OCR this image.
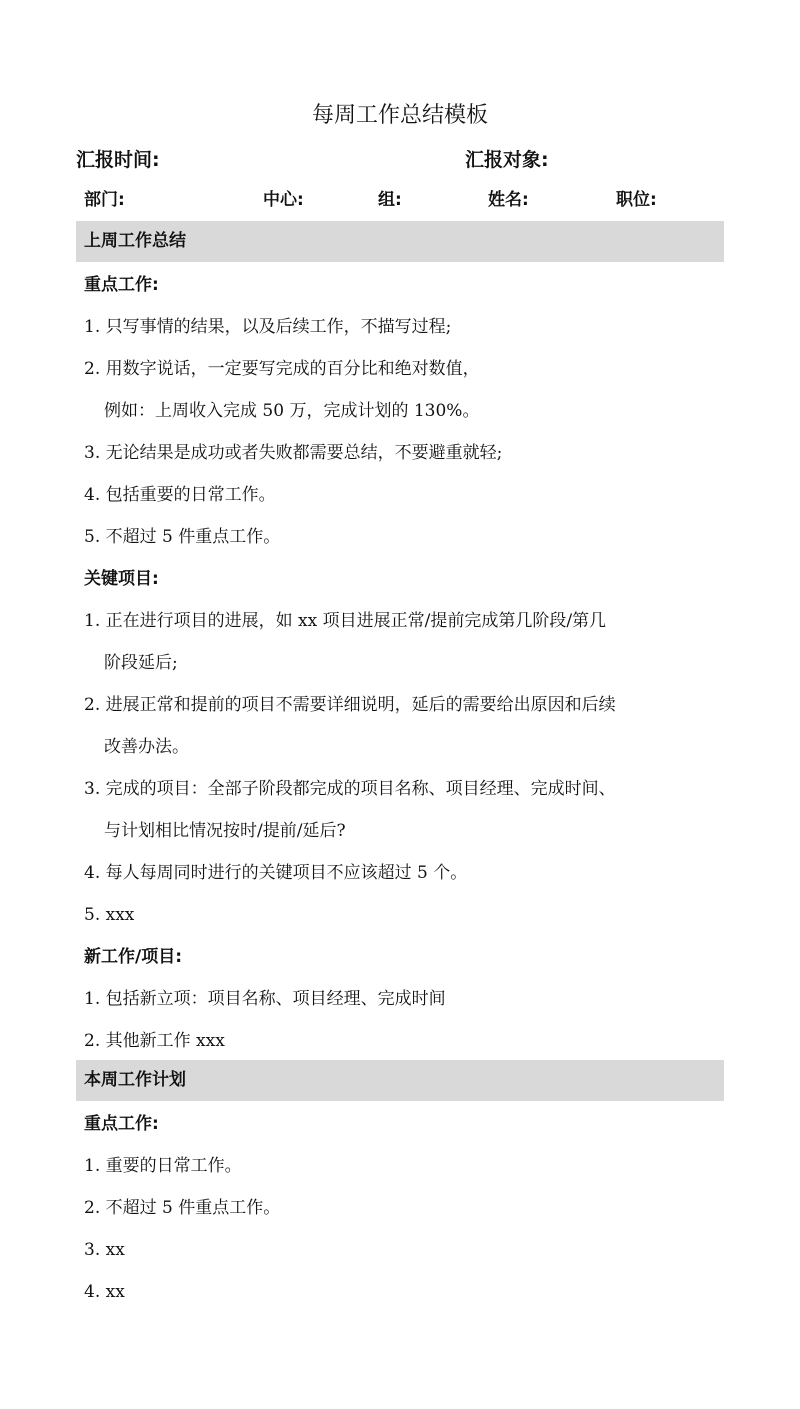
每周工作总结模板
汇报时间:	汇报对象:
部门:	中心:	组:	姓名:	职位:
上周工作总结
重点工作:
1. 只写事情的结果，以及后续工作，不描写过程;
2. 用数字说话，一定要写完成的百分比和绝对数值，
例如：上周收入完成 50 万，完成计划的 130%。
3. 无论结果是成功或者失败都需要总结，不要避重就轻;
4. 包括重要的日常工作。
5. 不超过 5 件重点工作。
关键项目:
1. 正在进行项目的进展，如 xx 项目进展正常/提前完成第几阶段/第几
阶段延后;
2. 进展正常和提前的项目不需要详细说明，延后的需要给出原因和后续
改善办法。
3. 完成的项目：全部子阶段都完成的项目名称、项目经理、完成时间、
与计划相比情况按时/提前/延后?
4. 每人每周同时进行的关键项目不应该超过 5 个。
5. xxx
新工作/项目:
1. 包括新立项：项目名称、项目经理、完成时间
2. 其他新工作 xxx
本周工作计划
重点工作:
1. 重要的日常工作。
2. 不超过 5 件重点工作。
3. xx
4. xx
